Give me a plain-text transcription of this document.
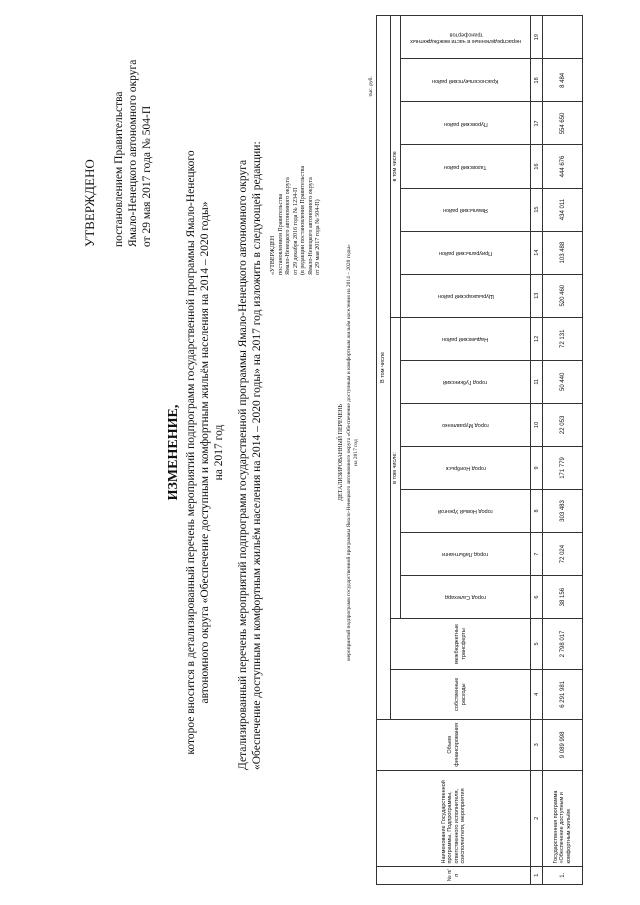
УТВЕРЖДЕНО постановлением Правительства Ямало-Ненецкого автономного округа от 29 мая 2017 года № 504-П
ИЗМЕНЕНИЕ, которое вносится в детализированный перечень мероприятий подпрограмм государственной программы Ямало-Ненецкого автономного округа «Обеспечение доступным и комфортным жильём населения на 2014 – 2020 годы» на 2017 год Детализированный перечень мероприятий подпрограмм государственной программы Ямало-Ненецкого автономного округа «Обеспечение доступным и комфортным жильём населения на 2014 – 2020 годы» на 2017 год изложить в следующей редакции: «УТВЕРЖДЕН постановлением Правительства Ямало-Ненецкого автономного округа от 29 декабря 2016 года № 1234-П (в редакции постановления Правительства Ямало-Ненецкого автономного округа от 29 мая 2017 года № 504-П)
ДЕТАЛИЗИРОВАННЫЙ ПЕРЕЧЕНЬ мероприятий подпрограмм государственной программы Ямало-Ненецкого автономного округа «Обеспечение доступным и комфортным жильём населения на 2014 – 2020 годы» на 2017 год
тыс. руб.
№ п/п	Наименование Государственной программы, Подпрограммы, ответственного исполнителя, соисполнителя, мероприятия	Объем финансирования	В том числе															
			собственные расходы	межбюджетные трансферты	в том числе:							в том числе						

					город Салехард	город Лабытнанги	город Новый Уренгой	город Ноябрьск	город Муравленко	город Губкинский	Надымский район	Шурышкарский район	Приуральский район	Ямальский район	Тазовский район	Пуровский район	Красноселькупский район	нераспределенные в части межбюджетных трансфертов

1	2	3	4	5	6	7	8	9	10	11	12	13	14	15	16	17	18	19
1.	Государственная программа «Обеспечение доступным и комфортным жильём	9 089 998	6 291 981	2 798 017	38 156	72 024	303 483	171 779	22 053	50 440	72 131	520 460	103 488	434 011	444 676	554 650	8 484	
